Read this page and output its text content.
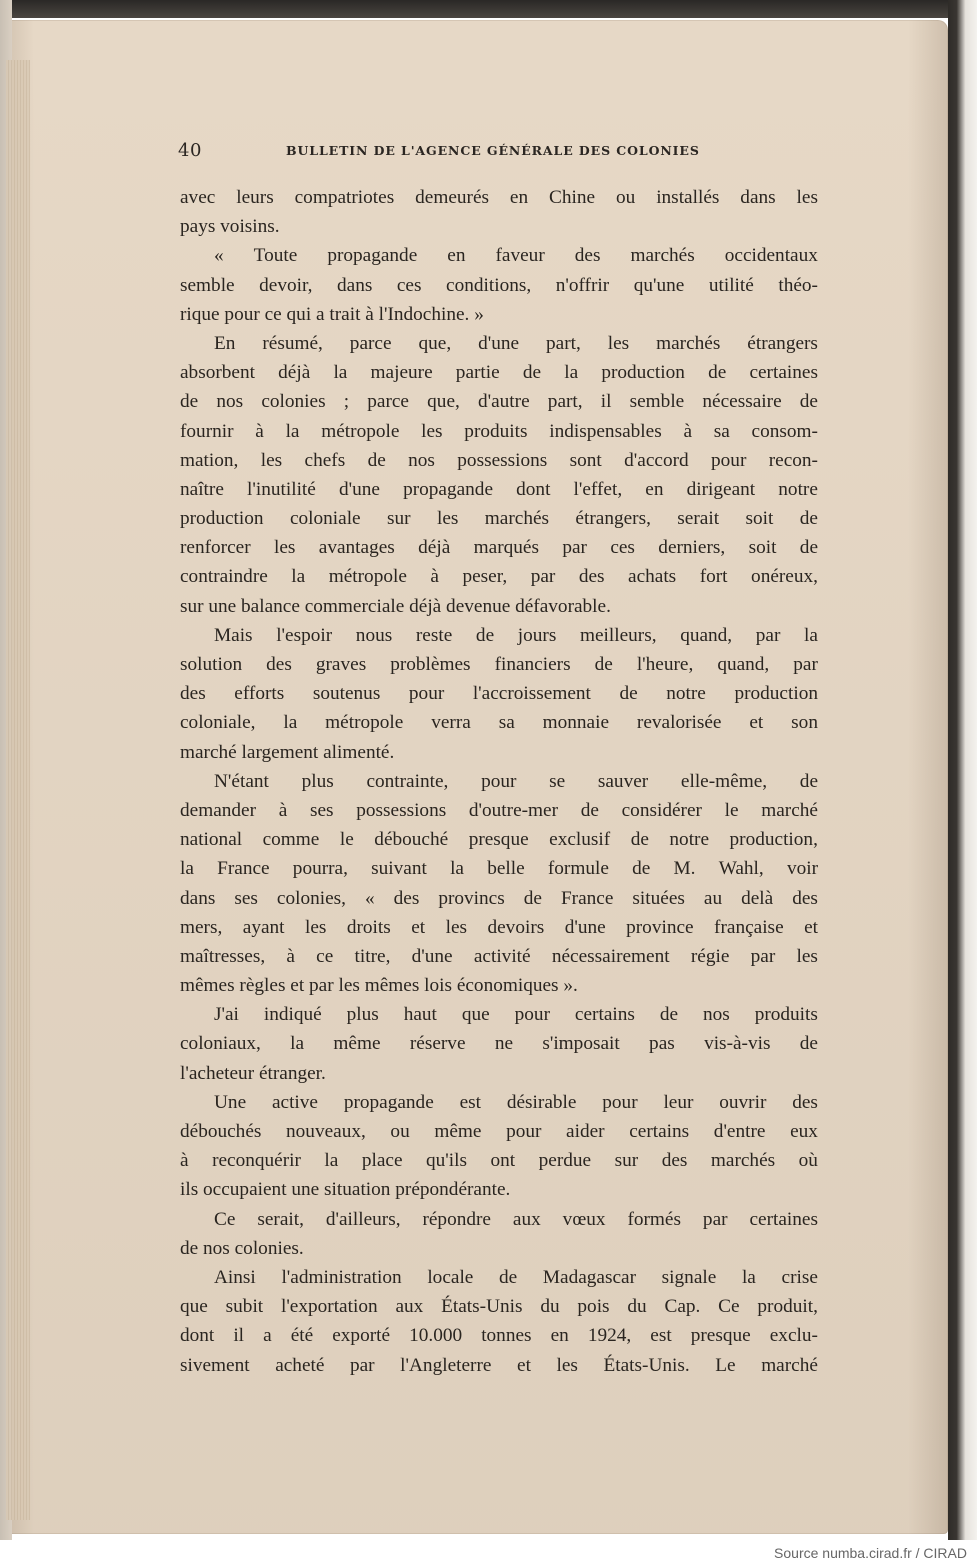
40	BULLETIN DE L'AGENCE GÉNÉRALE DES COLONIES
avec leurs compatriotes demeurés en Chine ou installés dans les
pays voisins.
« Toute propagande en faveur des marchés occidentaux
semble devoir, dans ces conditions, n'offrir qu'une utilité théo-
rique pour ce qui a trait à l'Indochine. »
En résumé, parce que, d'une part, les marchés étrangers
absorbent déjà la majeure partie de la production de certaines
de nos colonies ; parce que, d'autre part, il semble nécessaire de
fournir à la métropole les produits indispensables à sa consom-
mation, les chefs de nos possessions sont d'accord pour recon-
naître l'inutilité d'une propagande dont l'effet, en dirigeant notre
production coloniale sur les marchés étrangers, serait soit de
renforcer les avantages déjà marqués par ces derniers, soit de
contraindre la métropole à peser, par des achats fort onéreux,
sur une balance commerciale déjà devenue défavorable.
Mais l'espoir nous reste de jours meilleurs, quand, par la
solution des graves problèmes financiers de l'heure, quand, par
des efforts soutenus pour l'accroissement de notre production
coloniale, la métropole verra sa monnaie revalorisée et son
marché largement alimenté.
N'étant plus contrainte, pour se sauver elle-même, de
demander à ses possessions d'outre-mer de considérer le marché
national comme le débouché presque exclusif de notre production,
la France pourra, suivant la belle formule de M. Wahl, voir
dans ses colonies, « des provincs de France situées au delà des
mers, ayant les droits et les devoirs d'une province française et
maîtresses, à ce titre, d'une activité nécessairement régie par les
mêmes règles et par les mêmes lois économiques ».
J'ai indiqué plus haut que pour certains de nos produits
coloniaux, la même réserve ne s'imposait pas vis-à-vis de
l'acheteur étranger.
Une active propagande est désirable pour leur ouvrir des
débouchés nouveaux, ou même pour aider certains d'entre eux
à reconquérir la place qu'ils ont perdue sur des marchés où
ils occupaient une situation prépondérante.
Ce serait, d'ailleurs, répondre aux vœux formés par certaines
de nos colonies.
Ainsi l'administration locale de Madagascar signale la crise
que subit l'exportation aux États-Unis du pois du Cap. Ce produit,
dont il a été exporté 10.000 tonnes en 1924, est presque exclu-
sivement acheté par l'Angleterre et les États-Unis. Le marché
Source numba.cirad.fr / CIRAD
